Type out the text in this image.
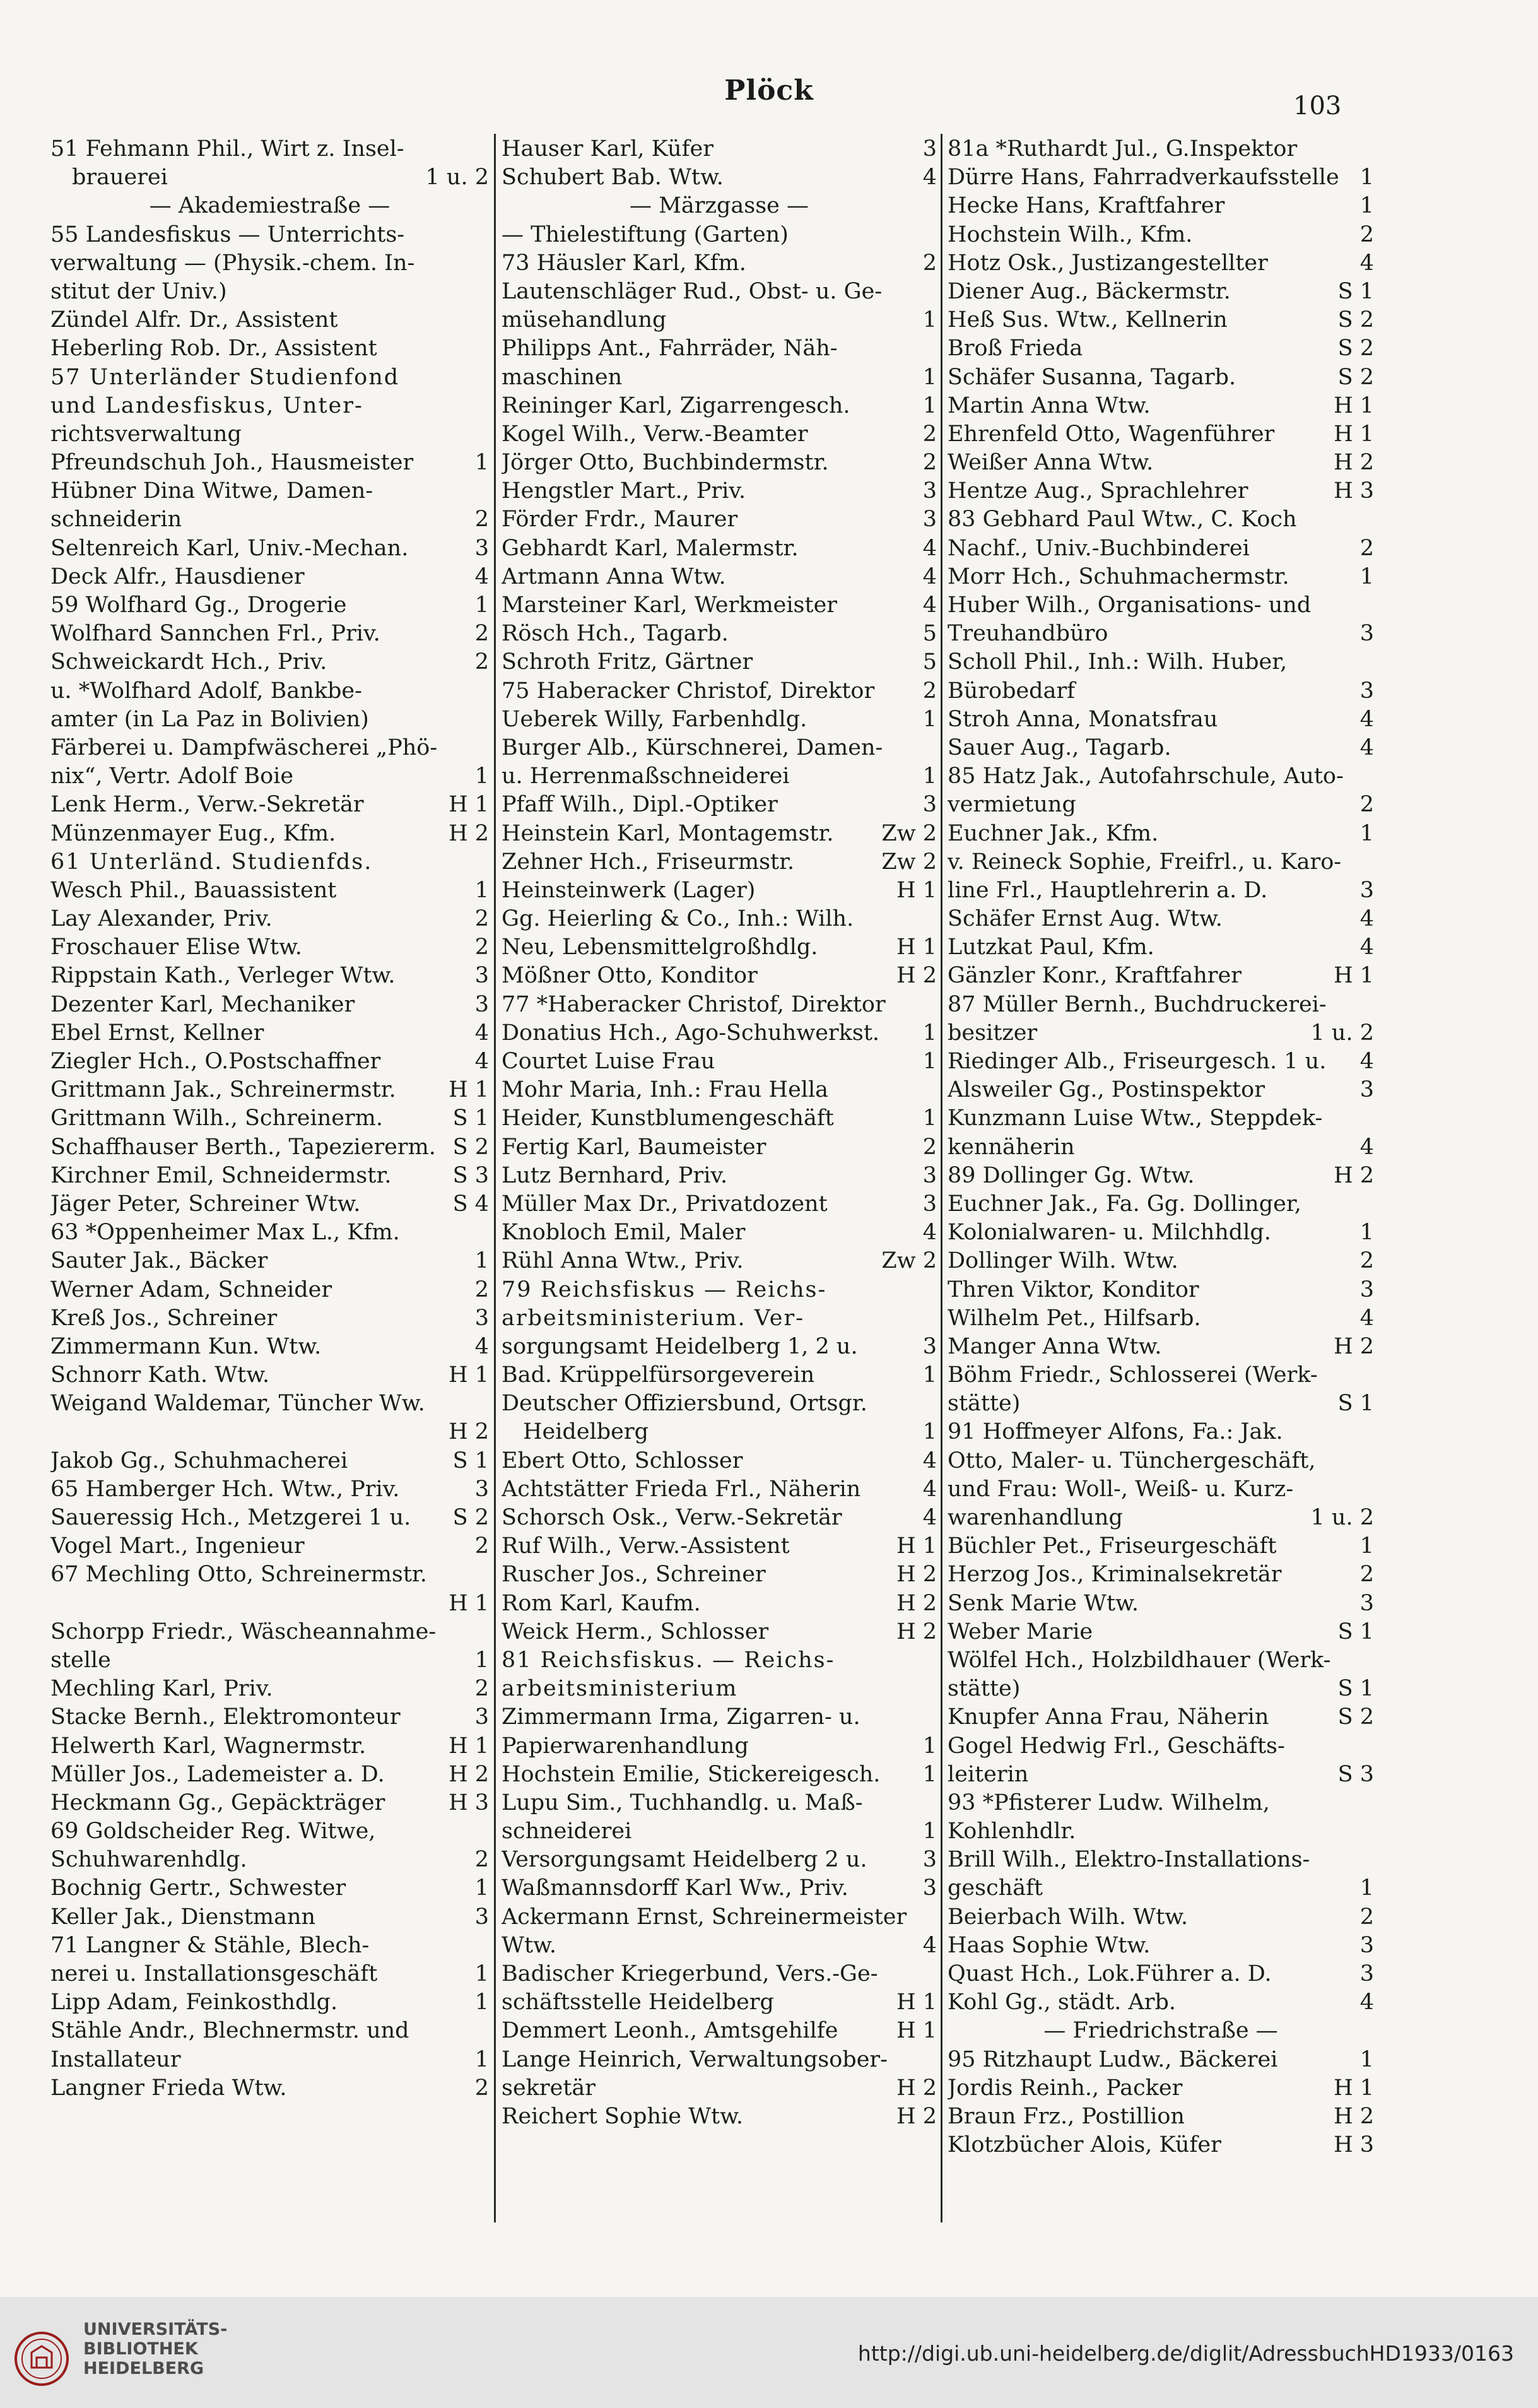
Plöck	103
51 Fehmann Phil., Wirt z. Insel-
brauerei	1 u. 2
— Akademiestraße —
55 Landesfiskus — Unterrichts-
verwaltung — (Physik.-chem. In-
stitut der Univ.)
Zündel Alfr. Dr., Assistent
Heberling Rob. Dr., Assistent
57 Unterländer Studienfond
und Landesfiskus, Unter-
richtsverwaltung
Pfreundschuh Joh., Hausmeister	1
Hübner Dina Witwe, Damen-
schneiderin	2
Seltenreich Karl, Univ.-Mechan.	3
Deck Alfr., Hausdiener	4
59 Wolfhard Gg., Drogerie	1
Wolfhard Sannchen Frl., Priv.	2
Schweickardt Hch., Priv.	2
u. *Wolfhard Adolf, Bankbe-
amter (in La Paz in Bolivien)
Färberei u. Dampfwäscherei „Phö-
nix“, Vertr. Adolf Boie	1
Lenk Herm., Verw.-Sekretär	H 1
Münzenmayer Eug., Kfm.	H 2
61 Unterländ. Studienfds.
Wesch Phil., Bauassistent	1
Lay Alexander, Priv.	2
Froschauer Elise Wtw.	2
Rippstain Kath., Verleger Wtw.	3
Dezenter Karl, Mechaniker	3
Ebel Ernst, Kellner	4
Ziegler Hch., O.Postschaffner	4
Grittmann Jak., Schreinermstr.	H 1
Grittmann Wilh., Schreinerm.	S 1
Schaffhauser Berth., Tapeziererm. S 2
Kirchner Emil, Schneidermstr.	S 3
Jäger Peter, Schreiner Wtw.	S 4
63 *Oppenheimer Max L., Kfm.
Sauter Jak., Bäcker	1
Werner Adam, Schneider	2
Kreß Jos., Schreiner	3
Zimmermann Kun. Wtw.	4
Schnorr Kath. Wtw.	H 1
Weigand Waldemar, Tüncher Ww.
H 2
Jakob Gg., Schuhmacherei	S 1
65 Hamberger Hch. Wtw., Priv.	3
Saueressig Hch., Metzgerei 1 u.	S 2
Vogel Mart., Ingenieur	2
67 Mechling Otto, Schreinermstr.
H 1
Schorpp Friedr., Wäscheannahme-
stelle	1
Mechling Karl, Priv.	2
Stacke Bernh., Elektromonteur	3
Helwerth Karl, Wagnermstr.	H 1
Müller Jos., Lademeister a. D.	H 2
Heckmann Gg., Gepäckträger	H 3
69 Goldscheider Reg. Witwe,
Schuhwarenhdlg.	2
Bochnig Gertr., Schwester	1
Keller Jak., Dienstmann	3
71 Langner & Stähle, Blech-
nerei u. Installationsgeschäft	1
Lipp Adam, Feinkosthdlg.	1
Stähle Andr., Blechnermstr. und
Installateur	1
Langner Frieda Wtw.	2
Hauser Karl, Küfer	3
Schubert Bab. Wtw.	4
— Märzgasse —
— Thielestiftung (Garten)
73 Häusler Karl, Kfm.	2
Lautenschläger Rud., Obst- u. Ge-
müsehandlung	1
Philipps Ant., Fahrräder, Näh-
maschinen	1
Reininger Karl, Zigarrengesch.	1
Kogel Wilh., Verw.-Beamter	2
Jörger Otto, Buchbindermstr.	2
Hengstler Mart., Priv.	3
Förder Frdr., Maurer	3
Gebhardt Karl, Malermstr.	4
Artmann Anna Wtw.	4
Marsteiner Karl, Werkmeister	4
Rösch Hch., Tagarb.	5
Schroth Fritz, Gärtner	5
75 Haberacker Christof, Direktor	2
Ueberek Willy, Farbenhdlg.	1
Burger Alb., Kürschnerei, Damen-
u. Herrenmaßschneiderei	1
Pfaff Wilh., Dipl.-Optiker	3
Heinstein Karl, Montagemstr.	Zw 2
Zehner Hch., Friseurmstr.	Zw 2
Heinsteinwerk (Lager)	H 1
Gg. Heierling & Co., Inh.: Wilh.
Neu, Lebensmittelgroßhdlg.	H 1
Mößner Otto, Konditor	H 2
77 *Haberacker Christof, Direktor
Donatius Hch., Ago-Schuhwerkst.	1
Courtet Luise Frau	1
Mohr Maria, Inh.: Frau Hella
Heider, Kunstblumengeschäft	1
Fertig Karl, Baumeister	2
Lutz Bernhard, Priv.	3
Müller Max Dr., Privatdozent	3
Knobloch Emil, Maler	4
Rühl Anna Wtw., Priv.	Zw 2
79 Reichsfiskus — Reichs-
arbeitsministerium. Ver-
sorgungsamt Heidelberg 1, 2 u.	3
Bad. Krüppelfürsorgeverein	1
Deutscher Offiziersbund, Ortsgr.
Heidelberg	1
Ebert Otto, Schlosser	4
Achtstätter Frieda Frl., Näherin	4
Schorsch Osk., Verw.-Sekretär	4
Ruf Wilh., Verw.-Assistent	H 1
Ruscher Jos., Schreiner	H 2
Rom Karl, Kaufm.	H 2
Weick Herm., Schlosser	H 2
81 Reichsfiskus. — Reichs-
arbeitsministerium
Zimmermann Irma, Zigarren- u.
Papierwarenhandlung	1
Hochstein Emilie, Stickereigesch.	1
Lupu Sim., Tuchhandlg. u. Maß-
schneiderei	1
Versorgungsamt Heidelberg 2 u.	3
Waßmannsdorff Karl Ww., Priv.	3
Ackermann Ernst, Schreinermeister
Wtw.	4
Badischer Kriegerbund, Vers.-Ge-
schäftsstelle Heidelberg	H 1
Demmert Leonh., Amtsgehilfe	H 1
Lange Heinrich, Verwaltungsober-
sekretär	H 2
Reichert Sophie Wtw.	H 2
81a *Ruthardt Jul., G.Inspektor
Dürre Hans, Fahrradverkaufsstelle 1
Hecke Hans, Kraftfahrer	1
Hochstein Wilh., Kfm.	2
Hotz Osk., Justizangestellter	4
Diener Aug., Bäckermstr.	S 1
Heß Sus. Wtw., Kellnerin	S 2
Broß Frieda	S 2
Schäfer Susanna, Tagarb.	S 2
Martin Anna Wtw.	H 1
Ehrenfeld Otto, Wagenführer	H 1
Weißer Anna Wtw.	H 2
Hentze Aug., Sprachlehrer	H 3
83 Gebhard Paul Wtw., C. Koch
Nachf., Univ.-Buchbinderei	2
Morr Hch., Schuhmachermstr.	1
Huber Wilh., Organisations- und
Treuhandbüro	3
Scholl Phil., Inh.: Wilh. Huber,
Bürobedarf	3
Stroh Anna, Monatsfrau	4
Sauer Aug., Tagarb.	4
85 Hatz Jak., Autofahrschule, Auto-
vermietung	2
Euchner Jak., Kfm.	1
v. Reineck Sophie, Freifrl., u. Karo-
line Frl., Hauptlehrerin a. D.	3
Schäfer Ernst Aug. Wtw.	4
Lutzkat Paul, Kfm.	4
Gänzler Konr., Kraftfahrer	H 1
87 Müller Bernh., Buchdruckerei-
besitzer	1 u. 2
Riedinger Alb., Friseurgesch. 1 u.	4
Alsweiler Gg., Postinspektor	3
Kunzmann Luise Wtw., Steppdek-
kennäherin	4
89 Dollinger Gg. Wtw.	H 2
Euchner Jak., Fa. Gg. Dollinger,
Kolonialwaren- u. Milchhdlg.	1
Dollinger Wilh. Wtw.	2
Thren Viktor, Konditor	3
Wilhelm Pet., Hilfsarb.	4
Manger Anna Wtw.	H 2
Böhm Friedr., Schlosserei (Werk-
stätte)	S 1
91 Hoffmeyer Alfons, Fa.: Jak.
Otto, Maler- u. Tünchergeschäft,
und Frau: Woll-, Weiß- u. Kurz-
warenhandlung	1 u. 2
Büchler Pet., Friseurgeschäft	1
Herzog Jos., Kriminalsekretär	2
Senk Marie Wtw.	3
Weber Marie	S 1
Wölfel Hch., Holzbildhauer (Werk-
stätte)	S 1
Knupfer Anna Frau, Näherin	S 2
Gogel Hedwig Frl., Geschäfts-
leiterin	S 3
93 *Pfisterer Ludw. Wilhelm,
Kohlenhdlr.
Brill Wilh., Elektro-Installations-
geschäft	1
Beierbach Wilh. Wtw.	2
Haas Sophie Wtw.	3
Quast Hch., Lok.Führer a. D.	3
Kohl Gg., städt. Arb.	4
— Friedrichstraße —
95 Ritzhaupt Ludw., Bäckerei	1
Jordis Reinh., Packer	H 1
Braun Frz., Postillion	H 2
Klotzbücher Alois, Küfer	H 3
UNIVERSITÄTS-
BIBLIOTHEK
HEIDELBERG
http://digi.ub.uni-heidelberg.de/diglit/AdressbuchHD1933/0163
